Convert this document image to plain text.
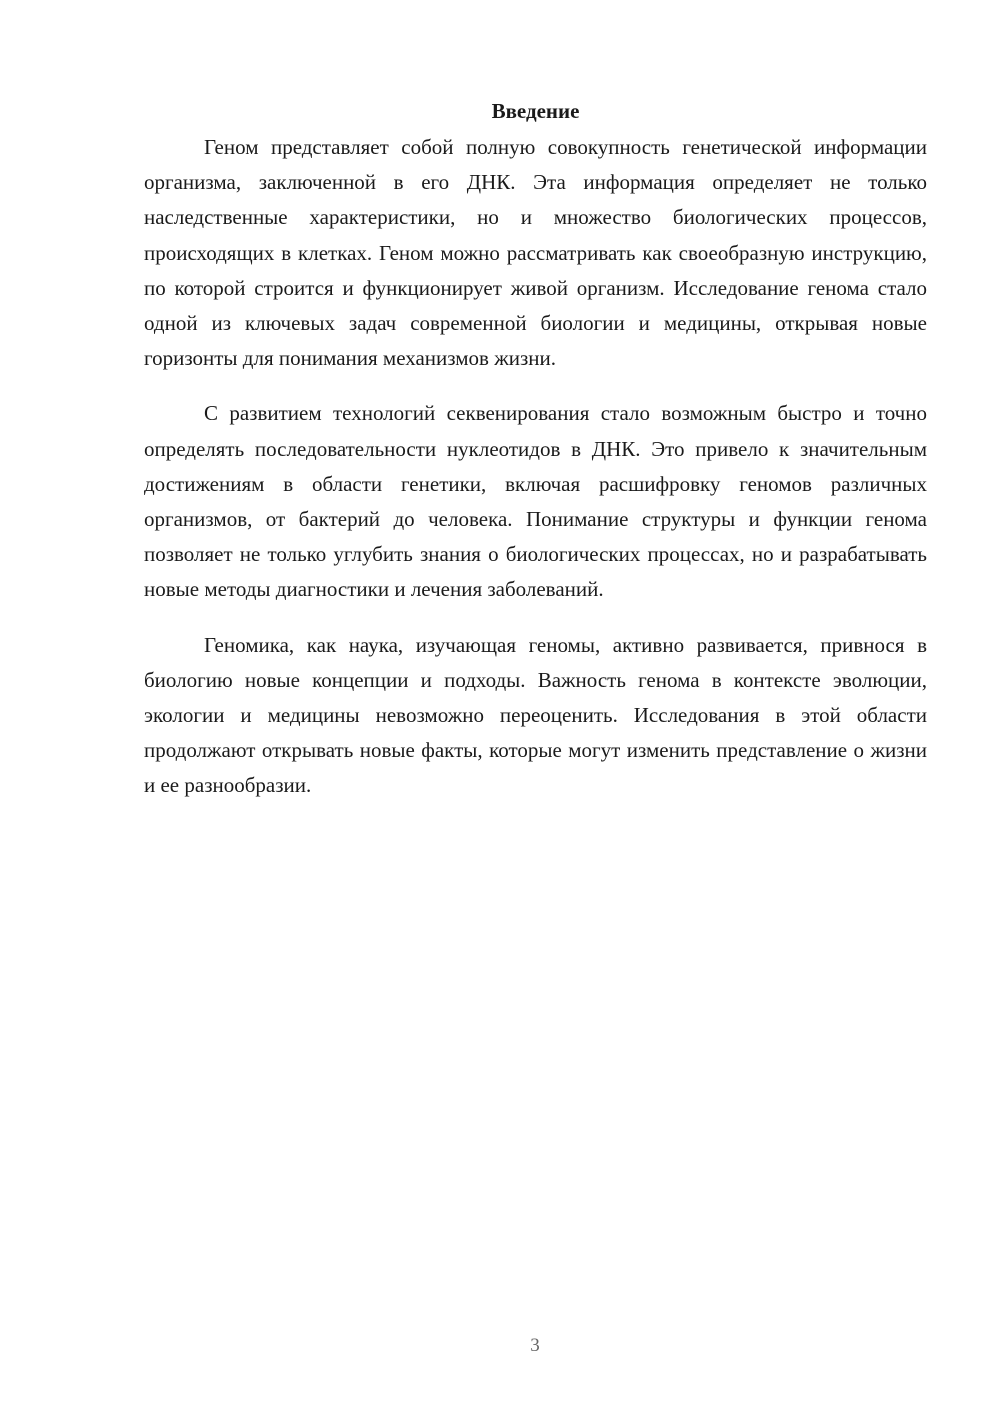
Введение

Геном представляет собой полную совокупность генетической информации организма, заключенной в его ДНК. Эта информация определяет не только наследственные характеристики, но и множество биологических процессов, происходящих в клетках. Геном можно рассматривать как своеобразную инструкцию, по которой строится и функционирует живой организм. Исследование генома стало одной из ключевых задач современной биологии и медицины, открывая новые горизонты для понимания механизмов жизни.

С развитием технологий секвенирования стало возможным быстро и точно определять последовательности нуклеотидов в ДНК. Это привело к значительным достижениям в области генетики, включая расшифровку геномов различных организмов, от бактерий до человека. Понимание структуры и функции генома позволяет не только углубить знания о биологических процессах, но и разрабатывать новые методы диагностики и лечения заболеваний.

Геномика, как наука, изучающая геномы, активно развивается, привнося в биологию новые концепции и подходы. Важность генома в контексте эволюции, экологии и медицины невозможно переоценить. Исследования в этой области продолжают открывать новые факты, которые могут изменить представление о жизни и ее разнообразии.

3
